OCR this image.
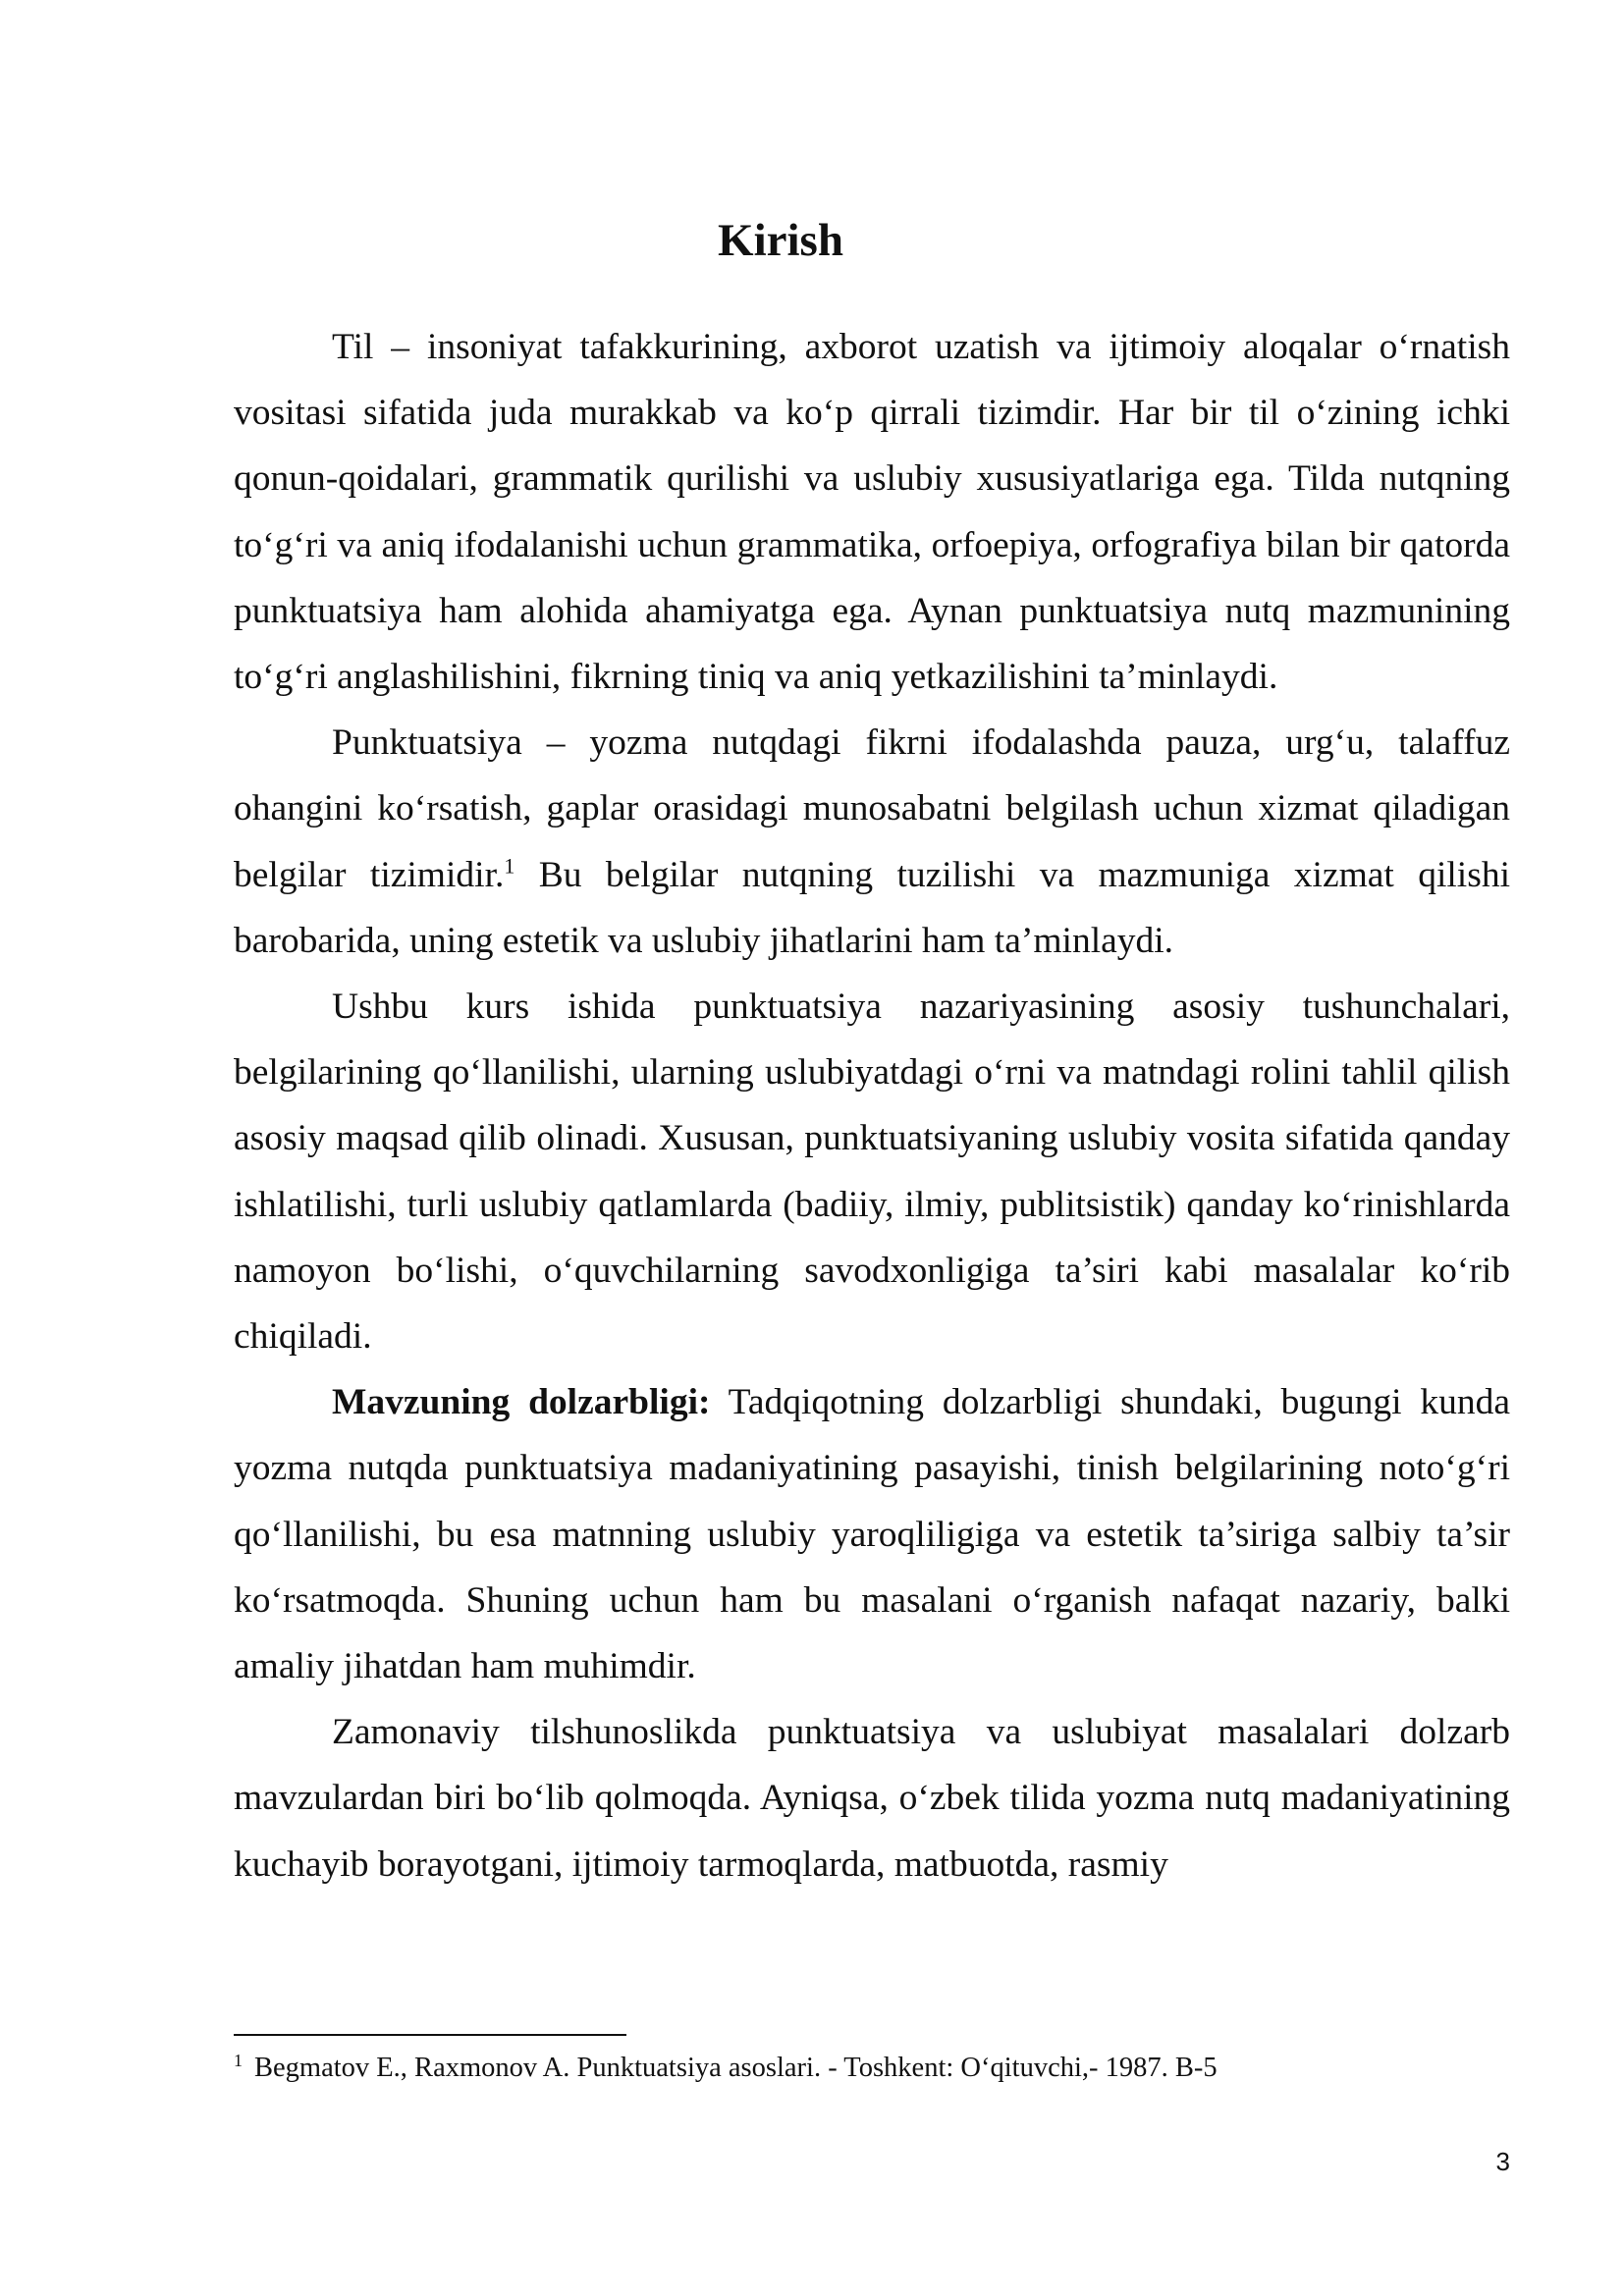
Kirish

Til – insoniyat tafakkurining, axborot uzatish va ijtimoiy aloqalar o‘rnatish vositasi sifatida juda murakkab va ko‘p qirrali tizimdir. Har bir til o‘zining ichki qonun-qoidalari, grammatik qurilishi va uslubiy xususiyatlariga ega. Tilda nutqning to‘g‘ri va aniq ifodalanishi uchun grammatika, orfoepiya, orfografiya bilan bir qatorda punktuatsiya ham alohida ahamiyatga ega. Aynan punktuatsiya nutq mazmunining to‘g‘ri anglashilishini, fikrning tiniq va aniq yetkazilishini ta’minlaydi.

Punktuatsiya – yozma nutqdagi fikrni ifodalashda pauza, urg‘u, talaffuz ohangini ko‘rsatish, gaplar orasidagi munosabatni belgilash uchun xizmat qiladigan belgilar tizimidir.$^1$ Bu belgilar nutqning tuzilishi va mazmuniga xizmat qilishi barobarida, uning estetik va uslubiy jihatlarini ham ta’minlaydi.

Ushbu kurs ishida punktuatsiya nazariyasining asosiy tushunchalari, belgilarining qo‘llanilishi, ularning uslubiyatdagi o‘rni va matndagi rolini tahlil qilish asosiy maqsad qilib olinadi. Xususan, punktuatsiyaning uslubiy vosita sifatida qanday ishlatilishi, turli uslubiy qatlamlarda (badiiy, ilmiy, publitsistik) qanday ko‘rinishlarda namoyon bo‘lishi, o‘quvchilarning savodxonligiga ta’siri kabi masalalar ko‘rib chiqiladi.

Mavzuning dolzarbligi: Tadqiqotning dolzarbligi shundaki, bugungi kunda yozma nutqda punktuatsiya madaniyatining pasayishi, tinish belgilarining noto‘g‘ri qo‘llanilishi, bu esa matnning uslubiy yaroqliligiga va estetik ta’siriga salbiy ta’sir ko‘rsatmoqda. Shuning uchun ham bu masalani o‘rganish nafaqat nazariy, balki amaliy jihatdan ham muhimdir.

Zamonaviy tilshunoslikda punktuatsiya va uslubiyat masalalari dolzarb mavzulardan biri bo‘lib qolmoqda. Ayniqsa, o‘zbek tilida yozma nutq madaniyatining kuchayib borayotgani, ijtimoiy tarmoqlarda, matbuotda, rasmiy

$^1$ Begmatov E., Raxmonov A. Punktuatsiya asoslari. - Toshkent: O‘qituvchi,- 1987. B-5

3
